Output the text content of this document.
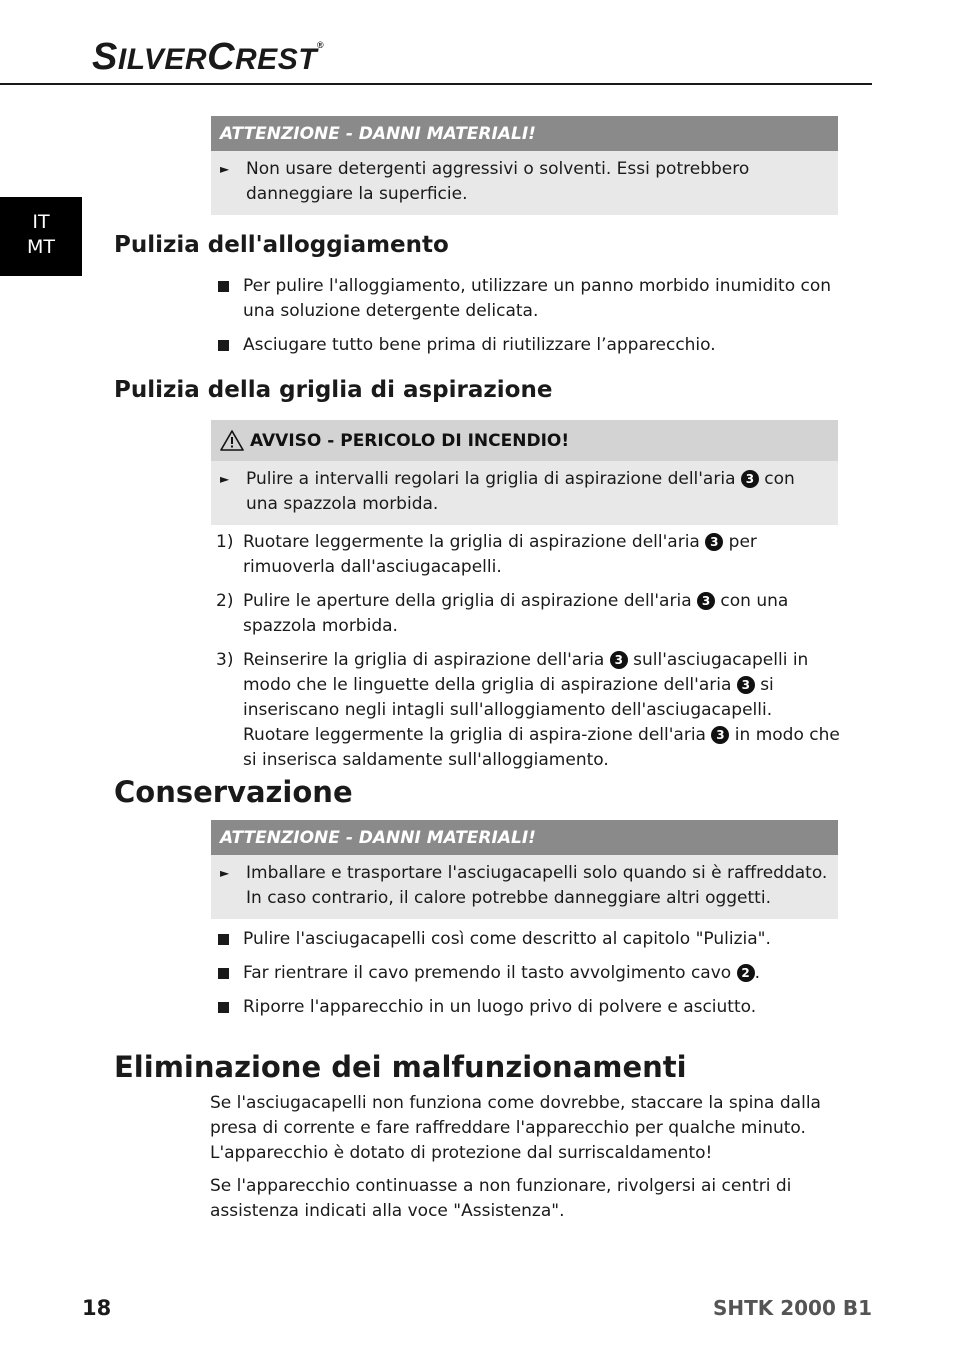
SILVERCREST®
IT
MT
ATTENZIONE - DANNI MATERIALI!
► Non usare detergenti aggressivi o solventi. Essi potrebbero danneggiare la superficie.
Pulizia dell'alloggiamento
Per pulire l'alloggiamento, utilizzare un panno morbido inumidito con una soluzione detergente delicata.
Asciugare tutto bene prima di riutilizzare l’apparecchio.
Pulizia della griglia di aspirazione
AVVISO - PERICOLO DI INCENDIO!
► Pulire a intervalli regolari la griglia di aspirazione dell'aria 3 con una spazzola morbida.
1) Ruotare leggermente la griglia di aspirazione dell'aria 3 per rimuoverla dall'asciugacapelli.
2) Pulire le aperture della griglia di aspirazione dell'aria 3 con una spazzola morbida.
3) Reinserire la griglia di aspirazione dell'aria 3 sull'asciugacapelli in modo che le linguette della griglia di aspirazione dell'aria 3 si inseriscano negli intagli sull'alloggiamento dell'asciugacapelli. Ruotare leggermente la griglia di aspira-zione dell'aria 3 in modo che si inserisca saldamente sull'alloggiamento.
Conservazione
ATTENZIONE - DANNI MATERIALI!
► Imballare e trasportare l'asciugacapelli solo quando si è raffreddato.
In caso contrario, il calore potrebbe danneggiare altri oggetti.
Pulire l'asciugacapelli così come descritto al capitolo "Pulizia".
Far rientrare il cavo premendo il tasto avvolgimento cavo 2 .
Riporre l'apparecchio in un luogo privo di polvere e asciutto.
Eliminazione dei malfunzionamenti
Se l'asciugacapelli non funziona come dovrebbe, staccare la spina dalla presa di corrente e fare raffreddare l'apparecchio per qualche minuto. L'apparecchio è dotato di protezione dal surriscaldamento!
Se l'apparecchio continuasse a non funzionare, rivolgersi ai centri di assistenza indicati alla voce "Assistenza".
18	SHTK 2000 B1
